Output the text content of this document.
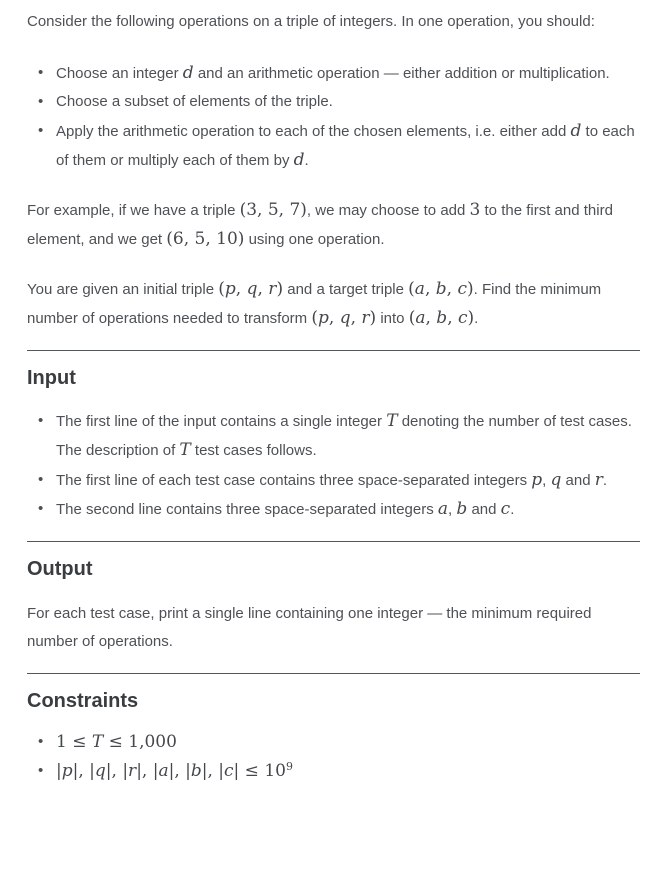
Consider the following operations on a triple of integers. In one operation, you should:

• Choose an integer d and an arithmetic operation — either addition or multiplication.
• Choose a subset of elements of the triple.
• Apply the arithmetic operation to each of the chosen elements, i.e. either add d to each of them or multiply each of them by d.

For example, if we have a triple (3, 5, 7), we may choose to add 3 to the first and third element, and we get (6, 5, 10) using one operation.

You are given an initial triple (p, q, r) and a target triple (a, b, c). Find the minimum number of operations needed to transform (p, q, r) into (a, b, c).

Input
• The first line of the input contains a single integer T denoting the number of test cases. The description of T test cases follows.
• The first line of each test case contains three space-separated integers p, q and r.
• The second line contains three space-separated integers a, b and c.
Output

For each test case, print a single line containing one integer — the minimum required number of operations.

Constraints
• 1 ≤ T ≤ 1,000
• |p|, |q|, |r|, |a|, |b|, $|c| \le 10^9$
